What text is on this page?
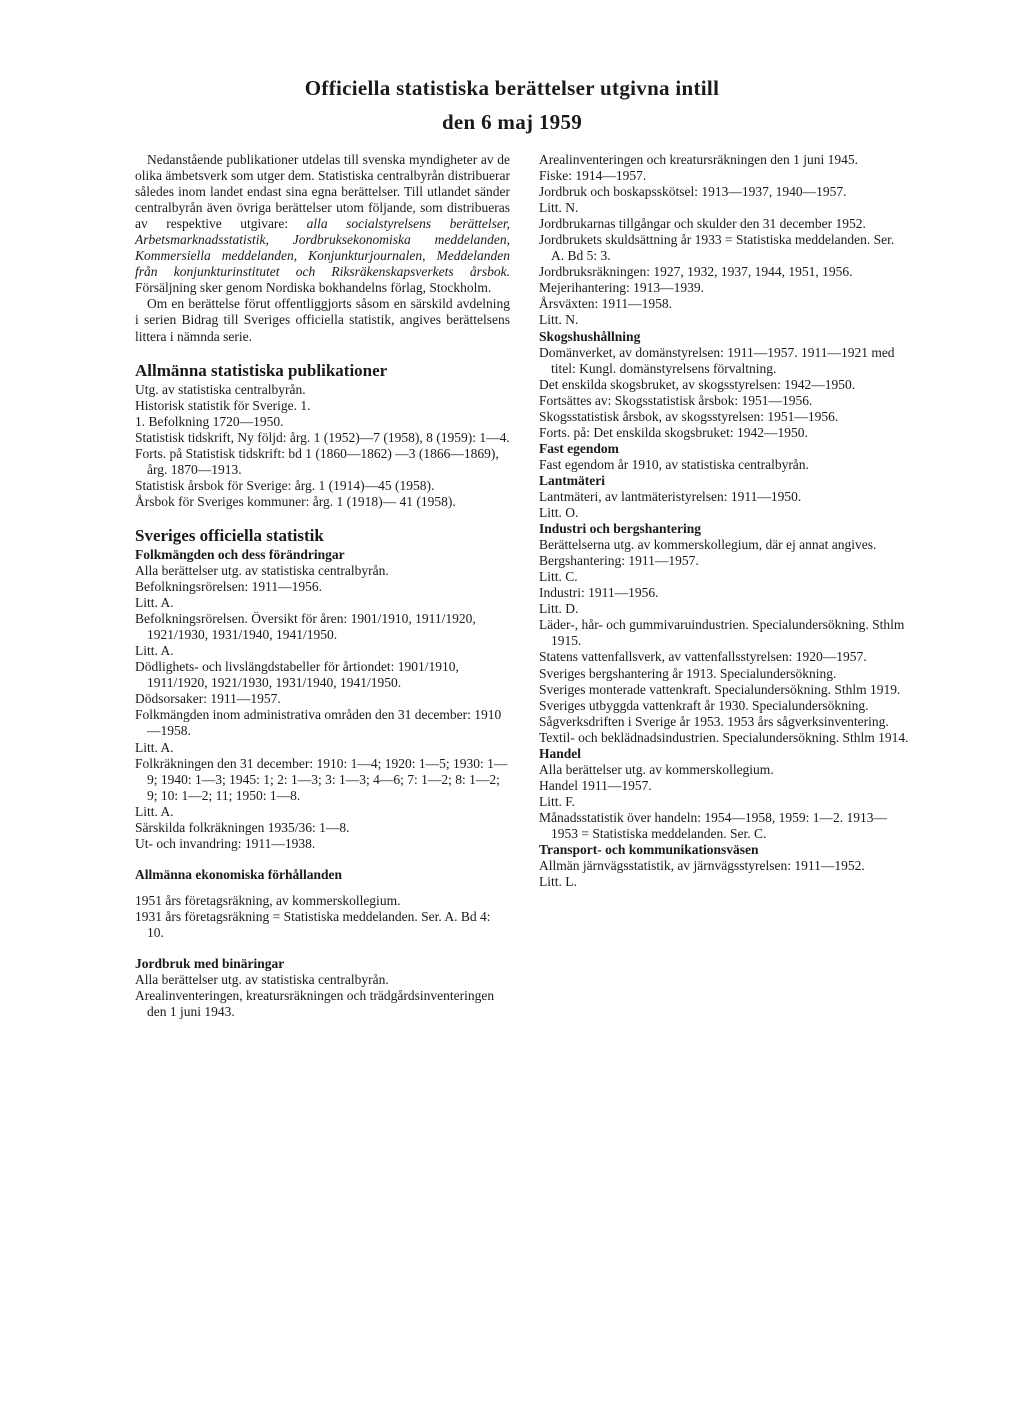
Officiella statistiska berättelser utgivna intill
den 6 maj 1959

Nedanstående publikationer utdelas till svenska myndigheter av de olika ämbetsverk som utger dem. Statistiska centralbyrån distribuerar således inom landet endast sina egna berättelser. Till utlandet sänder centralbyrån även övriga berättelser utom följande, som distribueras av respektive utgivare: alla socialstyrelsens berättelser, Arbetsmarknadsstatistik, Jordbruksekonomiska meddelanden, Kommersiella meddelanden, Konjunkturjournalen, Meddelanden från konjunkturinstitutet och Riksräkenskapsverkets årsbok. Försäljning sker genom Nordiska bokhandelns förlag, Stockholm.

Om en berättelse förut offentliggjorts såsom en särskild avdelning i serien Bidrag till Sveriges officiella statistik, angives berättelsens littera i nämnda serie.

Allmänna statistiska publikationer
Utg. av statistiska centralbyrån.
Historisk statistik för Sverige. 1.
1. Befolkning 1720—1950.
Statistisk tidskrift, Ny följd: årg. 1 (1952)—7 (1958), 8 (1959): 1—4.
Forts. på Statistisk tidskrift: bd 1 (1860—1862) —3 (1866—1869), årg. 1870—1913.
Statistisk årsbok för Sverige: årg. 1 (1914)—45 (1958).
Årsbok för Sveriges kommuner: årg. 1 (1918)— 41 (1958).
Sveriges officiella statistik
Folkmängden och dess förändringar
Alla berättelser utg. av statistiska centralbyrån.
Befolkningsrörelsen: 1911—1956.
Litt. A.
Befolkningsrörelsen. Översikt för åren: 1901/1910, 1911/1920, 1921/1930, 1931/1940, 1941/1950.
Litt. A.
Dödlighets- och livslängdstabeller för årtiondet: 1901/1910, 1911/1920, 1921/1930, 1931/1940, 1941/1950.
Dödsorsaker: 1911—1957.
Folkmängden inom administrativa områden den 31 december: 1910—1958.
Litt. A.
Folkräkningen den 31 december: 1910: 1—4; 1920: 1—5; 1930: 1—9; 1940: 1—3; 1945: 1; 2: 1—3; 3: 1—3; 4—6; 7: 1—2; 8: 1—2; 9; 10: 1—2; 11; 1950: 1—8.
Litt. A.
Särskilda folkräkningen 1935/36: 1—8.
Ut- och invandring: 1911—1938.
Allmänna ekonomiska förhållanden
1951 års företagsräkning, av kommerskollegium.
1931 års företagsräkning = Statistiska meddelanden. Ser. A. Bd 4: 10.
Jordbruk med binäringar
Alla berättelser utg. av statistiska centralbyrån.
Arealinventeringen, kreatursräkningen och trädgårdsinventeringen den 1 juni 1943.
Arealinventeringen och kreatursräkningen den 1 juni 1945.
Fiske: 1914—1957.
Jordbruk och boskapsskötsel: 1913—1937, 1940—1957.
Litt. N.
Jordbrukarnas tillgångar och skulder den 31 december 1952.
Jordbrukets skuldsättning år 1933 = Statistiska meddelanden. Ser. A. Bd 5: 3.
Jordbruksräkningen: 1927, 1932, 1937, 1944, 1951, 1956.
Mejerihantering: 1913—1939.
Årsväxten: 1911—1958.
Litt. N.
Skogshushållning
Domänverket, av domänstyrelsen: 1911—1957. 1911—1921 med titel: Kungl. domänstyrelsens förvaltning.
Det enskilda skogsbruket, av skogsstyrelsen: 1942—1950.
Fortsättes av: Skogsstatistisk årsbok: 1951—1956.
Skogsstatistisk årsbok, av skogsstyrelsen: 1951—1956.
Forts. på: Det enskilda skogsbruket: 1942—1950.
Fast egendom
Fast egendom år 1910, av statistiska centralbyrån.
Lantmäteri
Lantmäteri, av lantmäteristyrelsen: 1911—1950.
Litt. O.
Industri och bergshantering
Berättelserna utg. av kommerskollegium, där ej annat angives.
Bergshantering: 1911—1957.
Litt. C.
Industri: 1911—1956.
Litt. D.
Läder-, hår- och gummivaruindustrien. Specialundersökning. Sthlm 1915.
Statens vattenfallsverk, av vattenfallsstyrelsen: 1920—1957.
Sveriges bergshantering år 1913. Specialundersökning.
Sveriges monterade vattenkraft. Specialundersökning. Sthlm 1919.
Sveriges utbyggda vattenkraft år 1930. Specialundersökning.
Sågverksdriften i Sverige år 1953. 1953 års sågverksinventering.
Textil- och beklädnadsindustrien. Specialundersökning. Sthlm 1914.
Handel
Alla berättelser utg. av kommerskollegium.
Handel 1911—1957.
Litt. F.
Månadsstatistik över handeln: 1954—1958, 1959: 1—2. 1913—1953 = Statistiska meddelanden. Ser. C.
Transport- och kommunikationsväsen
Allmän järnvägsstatistik, av järnvägsstyrelsen: 1911—1952.
Litt. L.
